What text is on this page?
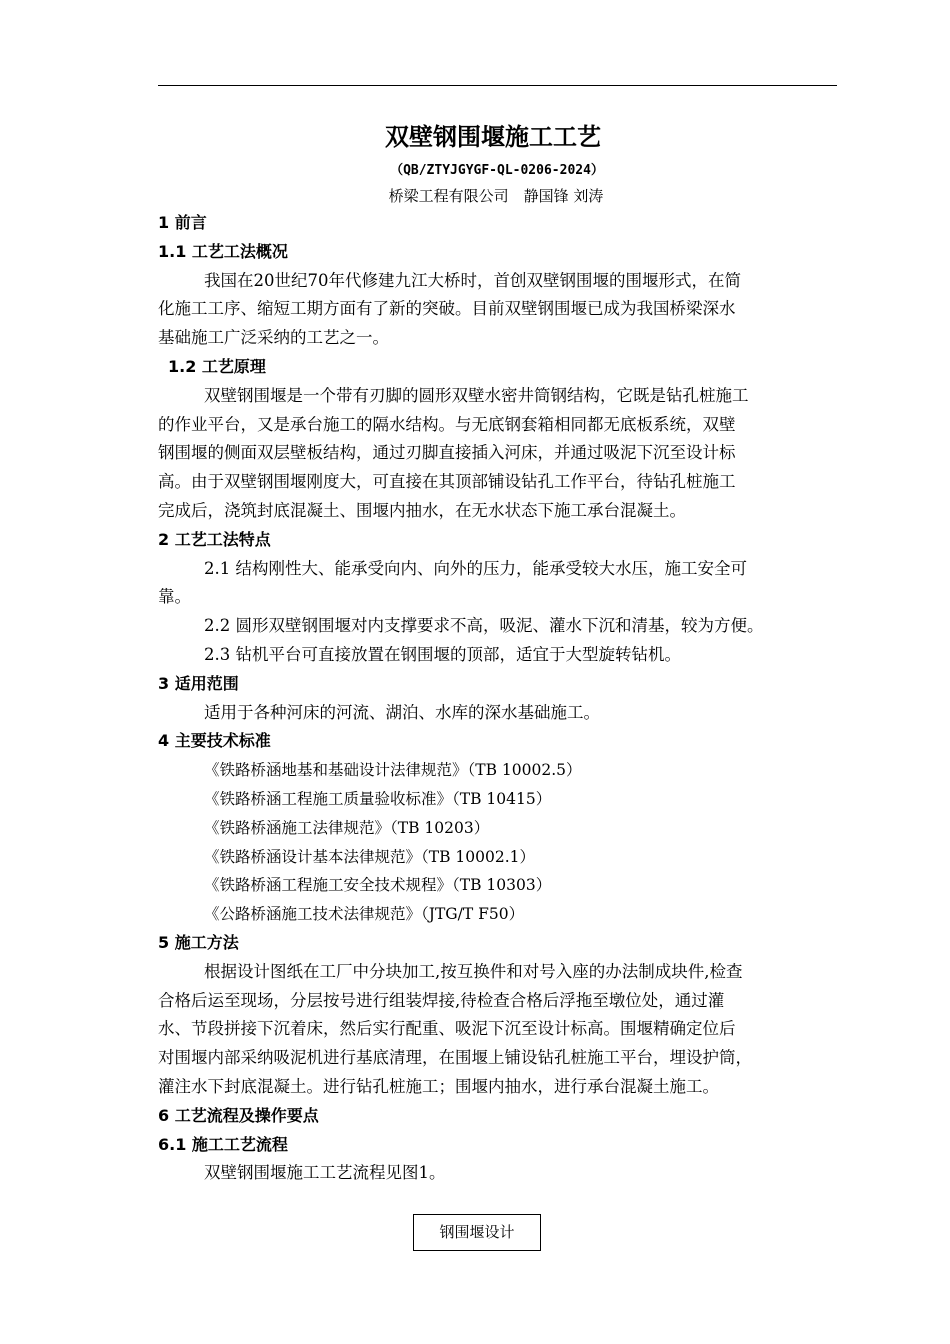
双壁钢围堰施工工艺
（QB/ZTYJGYGF-QL-0206-2024）
桥梁工程有限公司　静国锋 刘涛
1 前言
1.1 工艺工法概况
我国在20世纪70年代修建九江大桥时，首创双壁钢围堰的围堰形式，在简
化施工工序、缩短工期方面有了新的突破。目前双壁钢围堰已成为我国桥梁深水
基础施工广泛采纳的工艺之一。
1.2 工艺原理
双壁钢围堰是一个带有刃脚的圆形双壁水密井筒钢结构，它既是钻孔桩施工
的作业平台，又是承台施工的隔水结构。与无底钢套箱相同都无底板系统，双壁
钢围堰的侧面双层壁板结构，通过刃脚直接插入河床，并通过吸泥下沉至设计标
高。由于双壁钢围堰刚度大，可直接在其顶部铺设钻孔工作平台，待钻孔桩施工
完成后，浇筑封底混凝土、围堰内抽水，在无水状态下施工承台混凝土。
2 工艺工法特点
2.1 结构刚性大、能承受向内、向外的压力，能承受较大水压，施工安全可
靠。
2.2 圆形双壁钢围堰对内支撑要求不高，吸泥、灌水下沉和清基，较为方便。
2.3 钻机平台可直接放置在钢围堰的顶部，适宜于大型旋转钻机。
3 适用范围
适用于各种河床的河流、湖泊、水库的深水基础施工。
4 主要技术标准
《铁路桥涵地基和基础设计法律规范》（TB 10002.5）
《铁路桥涵工程施工质量验收标准》（TB 10415）
《铁路桥涵施工法律规范》（TB 10203）
《铁路桥涵设计基本法律规范》（TB 10002.1）
《铁路桥涵工程施工安全技术规程》（TB 10303）
《公路桥涵施工技术法律规范》（JTG/T F50）
5 施工方法
根据设计图纸在工厂中分块加工,按互换件和对号入座的办法制成块件,检查
合格后运至现场，分层按号进行组装焊接,待检查合格后浮拖至墩位处，通过灌
水、节段拼接下沉着床，然后实行配重、吸泥下沉至设计标高。围堰精确定位后
对围堰内部采纳吸泥机进行基底清理，在围堰上铺设钻孔桩施工平台，埋设护筒，
灌注水下封底混凝土。进行钻孔桩施工；围堰内抽水，进行承台混凝土施工。
6 工艺流程及操作要点
6.1 施工工艺流程
双壁钢围堰施工工艺流程见图1。
钢围堰设计
